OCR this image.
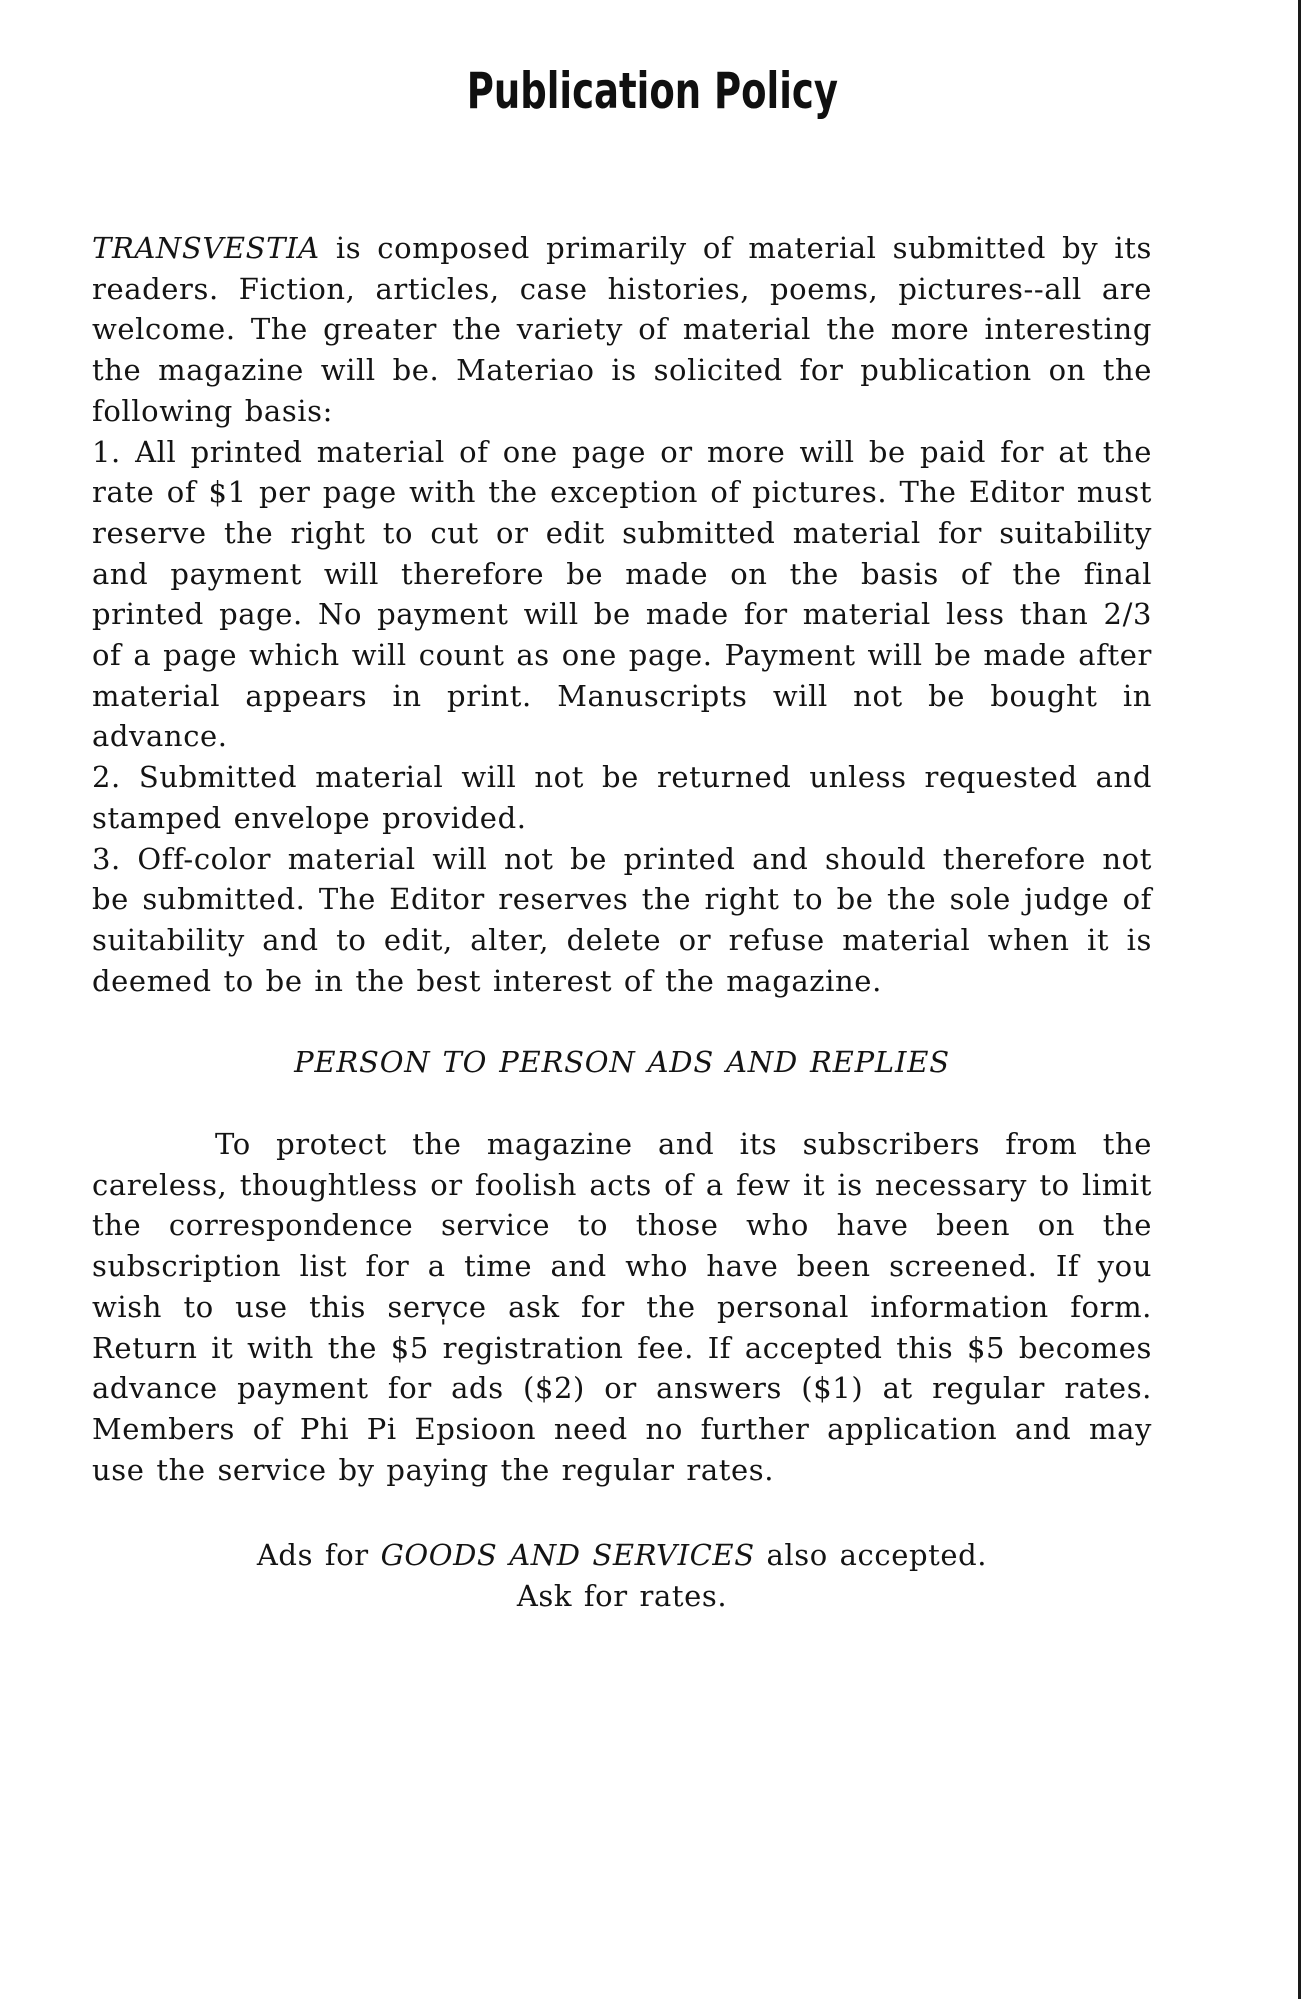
Publication Policy

TRANSVESTIA is composed primarily of material submitted by its readers. Fiction, articles, case histories, poems, pictures--all are welcome. The greater the variety of material the more interesting the magazine will be. Materiao is solicited for publication on the following basis:

1. All printed material of one page or more will be paid for at the rate of $1 per page with the exception of pictures. The Editor must reserve the right to cut or edit submitted material for suitability and payment will therefore be made on the basis of the final printed page. No payment will be made for material less than 2/3 of a page which will count as one page. Payment will be made after material appears in print. Manuscripts will not be bought in advance.

2. Submitted material will not be returned unless requested and stamped envelope provided.

3. Off-color material will not be printed and should therefore not be submitted. The Editor reserves the right to be the sole judge of suitability and to edit, alter, delete or refuse material when it is deemed to be in the best interest of the magazine.

PERSON TO PERSON ADS AND REPLIES

To protect the magazine and its subscribers from the careless, thoughtless or foolish acts of a few it is necessary to limit the correspondence service to those who have been on the subscription list for a time and who have been screened. If you wish to use this serv̩ce ask for the personal information form. Return it with the $5 registration fee. If accepted this $5 becomes advance payment for ads ($2) or answers ($1) at regular rates. Members of Phi Pi Epsioon need no further application and may use the service by paying the regular rates.

Ads for GOODS AND SERVICES also accepted.

Ask for rates.
